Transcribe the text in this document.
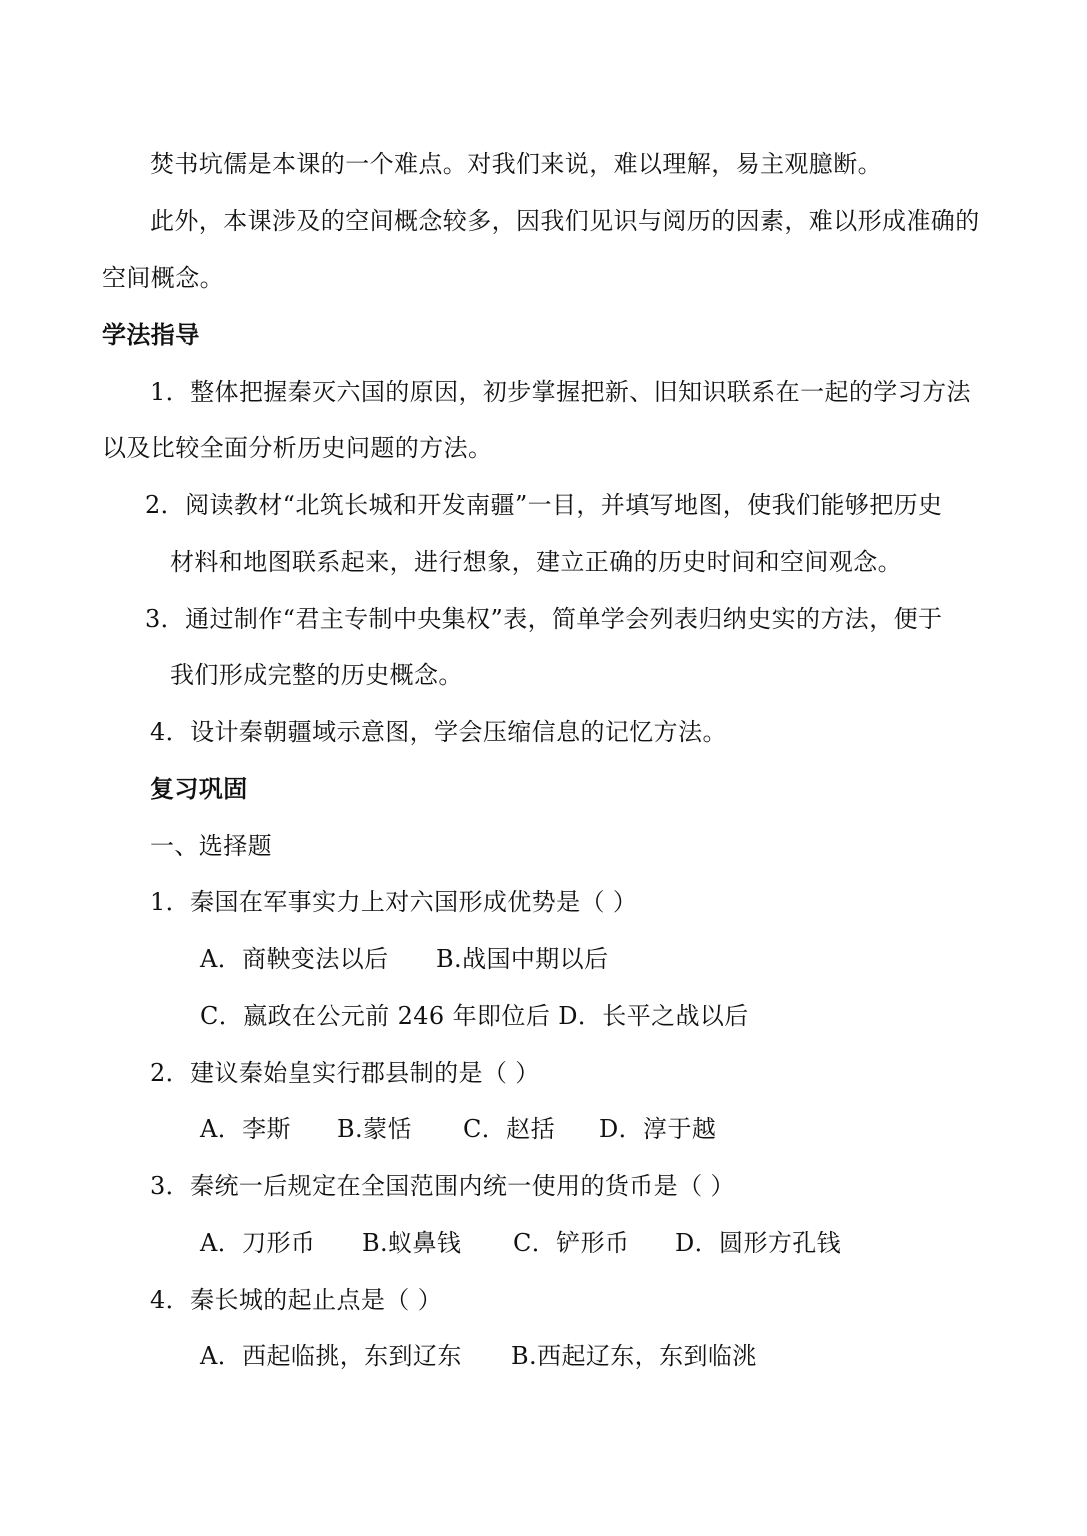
焚书坑儒是本课的一个难点。对我们来说，难以理解，易主观臆断。

此外，本课涉及的空间概念较多，因我们见识与阅历的因素，难以形成准确的

空间概念。

学法指导

1．整体把握秦灭六国的原因，初步掌握把新、旧知识联系在一起的学习方法

以及比较全面分析历史问题的方法。

2．阅读教材“北筑长城和开发南疆”一目，并填写地图，使我们能够把历史

材料和地图联系起来，进行想象，建立正确的历史时间和空间观念。

3．通过制作“君主专制中央集权”表，简单学会列表归纳史实的方法，便于

我们形成完整的历史概念。

4．设计秦朝疆域示意图，学会压缩信息的记忆方法。

复习巩固

一、选择题

1．秦国在军事实力上对六国形成优势是（ ）

A．商鞅变法以后 B.战国中期以后

C．嬴政在公元前 246 年即位后 D．长平之战以后

2．建议秦始皇实行郡县制的是（ ）

A．李斯 B.蒙恬 C．赵括 D．淳于越

3．秦统一后规定在全国范围内统一使用的货币是（ ）

A．刀形币 B.蚁鼻钱 C．铲形币 D．圆形方孔钱

4．秦长城的起止点是（ ）

A．西起临挑，东到辽东 B.西起辽东，东到临洮
